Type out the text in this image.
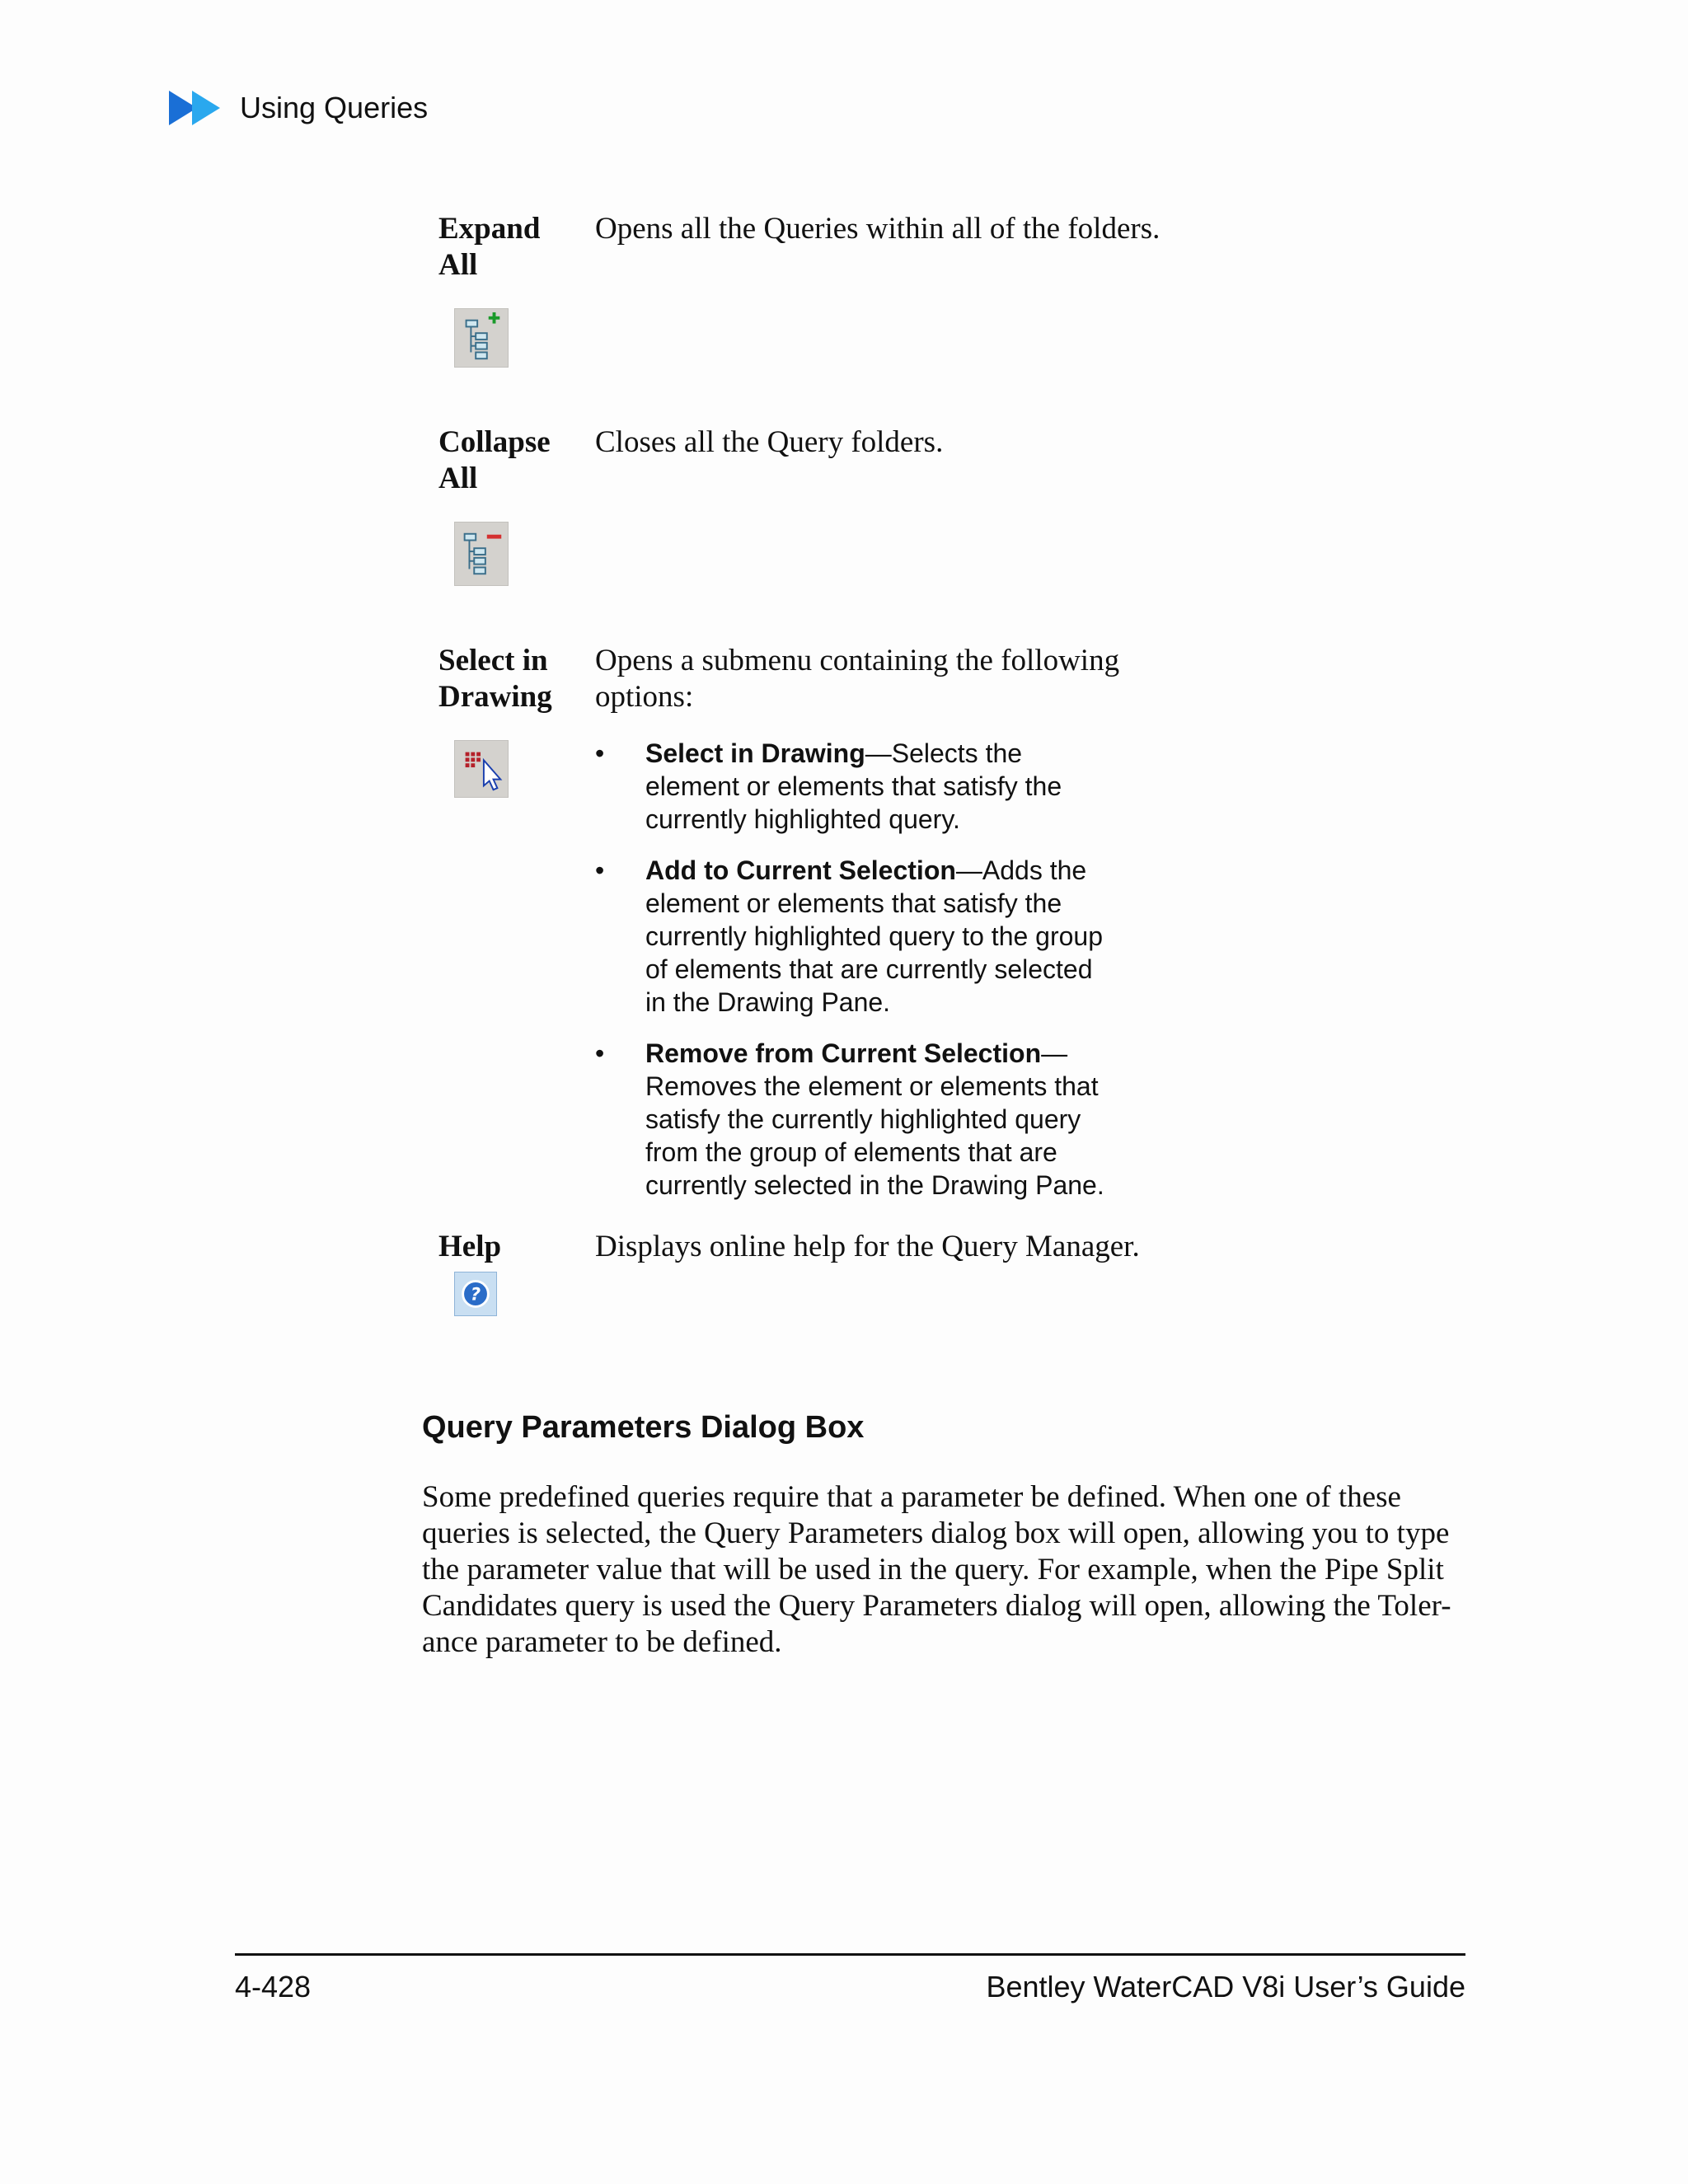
Using Queries
Expand All
Opens all the Queries within all of the folders.
Collapse All
Closes all the Query folders.
Select in Drawing
Opens a submenu containing the following options:
• Select in Drawing—Selects the element or elements that satisfy the currently highlighted query.
• Add to Current Selection—Adds the element or elements that satisfy the currently highlighted query to the group of elements that are currently selected in the Drawing Pane.
• Remove from Current Selection—Removes the element or elements that satisfy the currently highlighted query from the group of elements that are currently selected in the Drawing Pane.
Help	Displays online help for the Query Manager.
?
Query Parameters Dialog Box
Some predefined queries require that a parameter be defined. When one of these queries is selected, the Query Parameters dialog box will open, allowing you to type the parameter value that will be used in the query. For example, when the Pipe Split Candidates query is used the Query Parameters dialog will open, allowing the Toler-ance parameter to be defined.
4-428	Bentley WaterCAD V8i User’s Guide
